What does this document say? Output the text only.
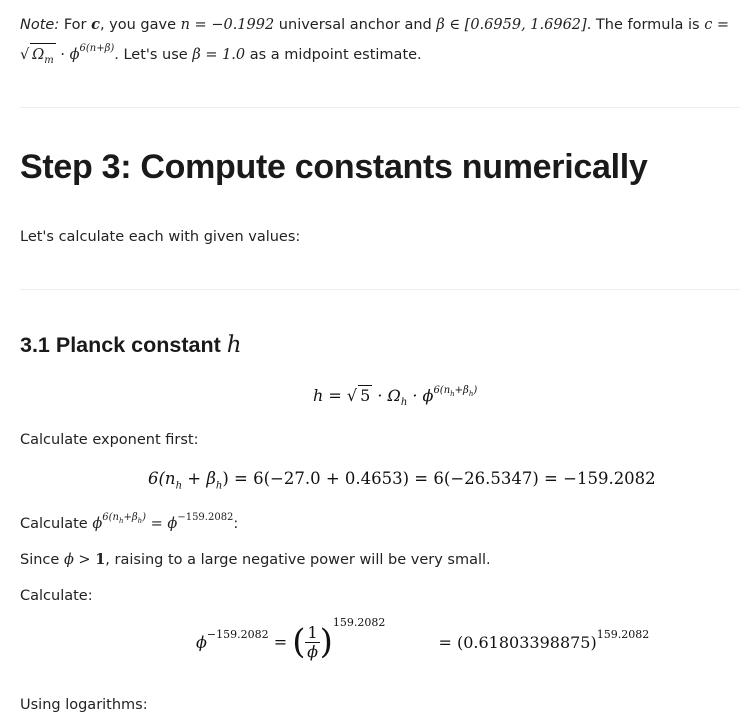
Note: For c, you gave n = −0.1992 universal anchor and β ∈ [0.6959, 1.6962]. The formula is c =
√ $\Omega_m \cdot \phi^{6(n+\beta)}$. Let's use β = 1.0 as a midpoint estimate.
Step 3: Compute constants numerically
Let's calculate each with given values:
3.1 Planck constant h
h = √ $5 \cdot \Omega_h \cdot \phi^{6(n_h+\beta_h)}$
Calculate exponent first:
$6(n_h + \beta_h) = 6(-27.0 + 0.4653) = 6(-26.5347) = -159.2082$
Calculate $\phi^{6(n_h+\beta_h)} = \phi^{-159.2082}$:
Since ϕ > 1, raising to a large negative power will be very small.
Calculate:
$\phi^{-159.2082}$ = ( $\frac{1}{\phi} )^{159.2082} = (0.61803398875)^{159.2082}$
Using logarithms:
